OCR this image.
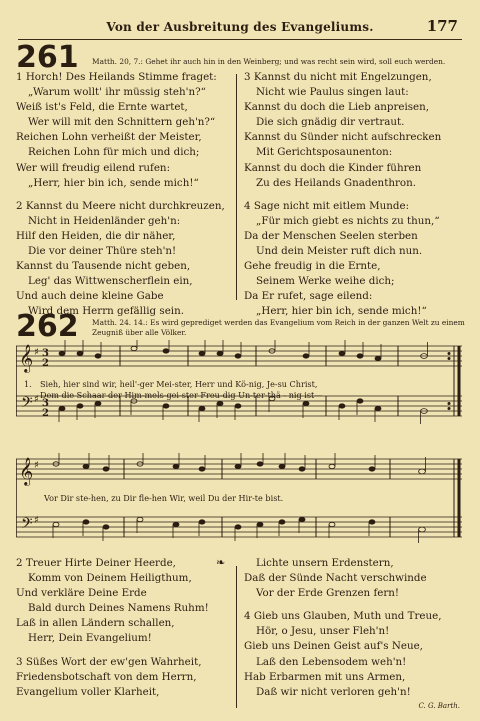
Von der Ausbreitung des Evangeliums.	177
261 Matth. 20, 7.: Gehet ihr auch hin in den Weinberg; und was recht sein wird, soll euch werden.
1 Horch! Des Heilands Stimme fraget:
„Warum wollt' ihr müssig steh'n?“
Weiß ist's Feld, die Ernte wartet,
Wer will mit den Schnittern geh'n?“
Reichen Lohn verheißt der Meister,
Reichen Lohn für mich und dich;
Wer will freudig eilend rufen:
„Herr, hier bin ich, sende mich!“
2 Kannst du Meere nicht durchkreuzen,
Nicht in Heidenländer geh'n:
Hilf den Heiden, die dir näher,
Die vor deiner Thüre steh'n!
Kannst du Tausende nicht geben,
Leg' das Wittwenscherflein ein,
Und auch deine kleine Gabe
Wird dem Herrn gefällig sein.
3 Kannst du nicht mit Engelzungen,
Nicht wie Paulus singen laut:
Kannst du doch die Lieb anpreisen,
Die sich gnädig dir vertraut.
Kannst du Sünder nicht aufschrecken
Mit Gerichtsposaunenton:
Kannst du doch die Kinder führen
Zu des Heilands Gnadenthron.
4 Sage nicht mit eitlem Munde:
„Für mich giebt es nichts zu thun,“
Da der Menschen Seelen sterben
Und dein Meister ruft dich nun.
Gehe freudig in die Ernte,
Seinem Werke weihe dich;
Da Er rufet, sage eilend:
„Herr, hier bin ich, sende mich!“
262 Matth. 24. 14.: Es wird geprediget werden das Evangelium vom Reich in der ganzen Welt zu einem
Zeugniß über alle Völker.
𝄞
𝄢
♯
♯
3
2
3
2
1. Sieh, hier sind wir, heil'-ger Mei-ster, Herr und Kö-nig, Je-su Christ,
Dem die Schaar der Him-mels-gei-ster Freu-dig Un-ter-thä - nig ist—
𝄞
𝄢
♯
♯
Vor Dir ste-hen, zu Dir fle-hen Wir, weil Du der Hir-te bist.
2 Treuer Hirte Deiner Heerde,
Komm von Deinem Heiligthum,
Und verkläre Deine Erde
Bald durch Deines Namens Ruhm!
Laß in allen Ländern schallen,
Herr, Dein Evangelium!
3 Süßes Wort der ew'gen Wahrheit,
Friedensbotschaft von dem Herrn,
Evangelium voller Klarheit,
❧	Lichte unsern Erdenstern,
Daß der Sünde Nacht verschwinde
Vor der Erde Grenzen fern!
4 Gieb uns Glauben, Muth und Treue,
Hör, o Jesu, unser Fleh'n!
Gieb uns Deinen Geist auf's Neue,
Laß den Lebensodem weh'n!
Hab Erbarmen mit uns Armen,
Daß wir nicht verloren geh'n!
C. G. Barth.
